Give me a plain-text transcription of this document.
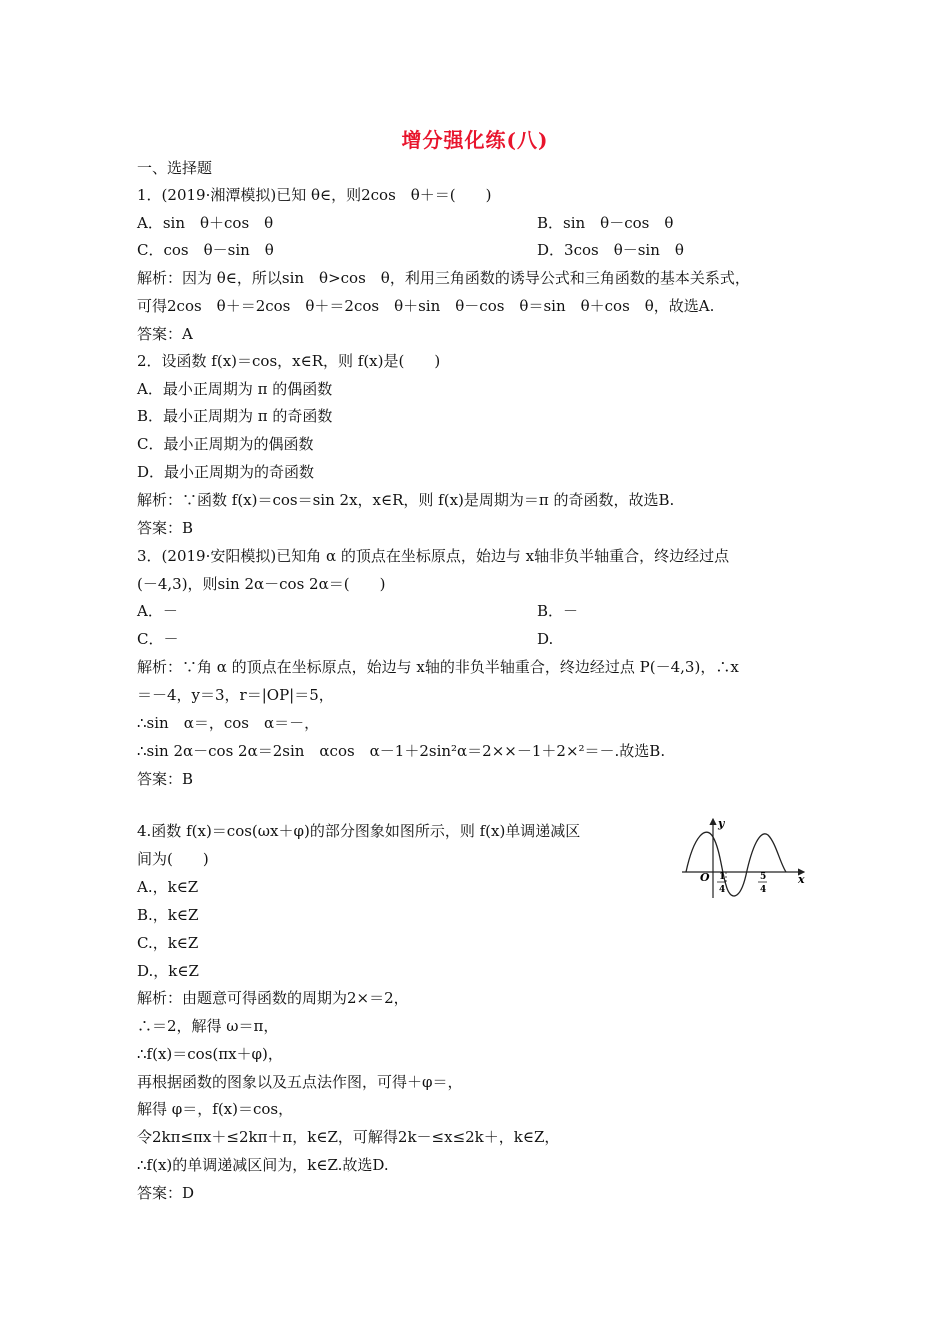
增分强化练(八)
一、选择题
1．(2019·湘潭模拟)已知 θ∈，则2cos　θ＋＝(　　)
A．sin　θ＋cos　θ
C．cos　θ－sin　θ
解析：因为 θ∈，所以sin　θ>cos　θ，利用三角函数的诱导公式和三角函数的基本关系式，
可得2cos　θ＋＝2cos　θ＋＝2cos　θ＋sin　θ－cos　θ＝sin　θ＋cos　θ，故选A.
答案：A
2．设函数 f(x)＝cos，x∈R，则 f(x)是(　　)
A．最小正周期为 π 的偶函数
B．最小正周期为 π 的奇函数
C．最小正周期为的偶函数
D．最小正周期为的奇函数
解析：∵函数 f(x)＝cos＝sin 2x，x∈R，则 f(x)是周期为＝π 的奇函数，故选B.
答案：B
3．(2019·安阳模拟)已知角 α 的顶点在坐标原点，始边与 x轴非负半轴重合，终边经过点
(－4,3)，则sin 2α－cos 2α＝(　　)
A．－
C．－
解析：∵角 α 的顶点在坐标原点，始边与 x轴的非负半轴重合，终边经过点 P(－4,3)，∴x
＝－4，y＝3，r＝|OP|＝5，
∴sin　α＝，cos　α＝－，
∴sin 2α－cos 2α＝2sin　αcos　α－1＋2sin²α＝2××－1＋2×²＝－.故选B.
答案：B
4.函数 f(x)＝cos(ωx＋φ)的部分图象如图所示，则 f(x)单调递减区
间为(　　)
A.，k∈Z
B.，k∈Z
C.，k∈Z
D.，k∈Z
解析：由题意可得函数的周期为2×＝2，
∴＝2，解得 ω＝π，
∴f(x)＝cos(πx＋φ)，
再根据函数的图象以及五点法作图，可得＋φ＝，
解得 φ＝，f(x)＝cos，
令2kπ≤πx＋≤2kπ＋π，k∈Z，可解得2k－≤x≤2k＋，k∈Z，
∴f(x)的单调递减区间为，k∈Z.故选D.
答案：D
B．sin　θ－cos　θ
D．3cos　θ－sin　θ
B．－
D.
y
x
O 1
4
5
4
